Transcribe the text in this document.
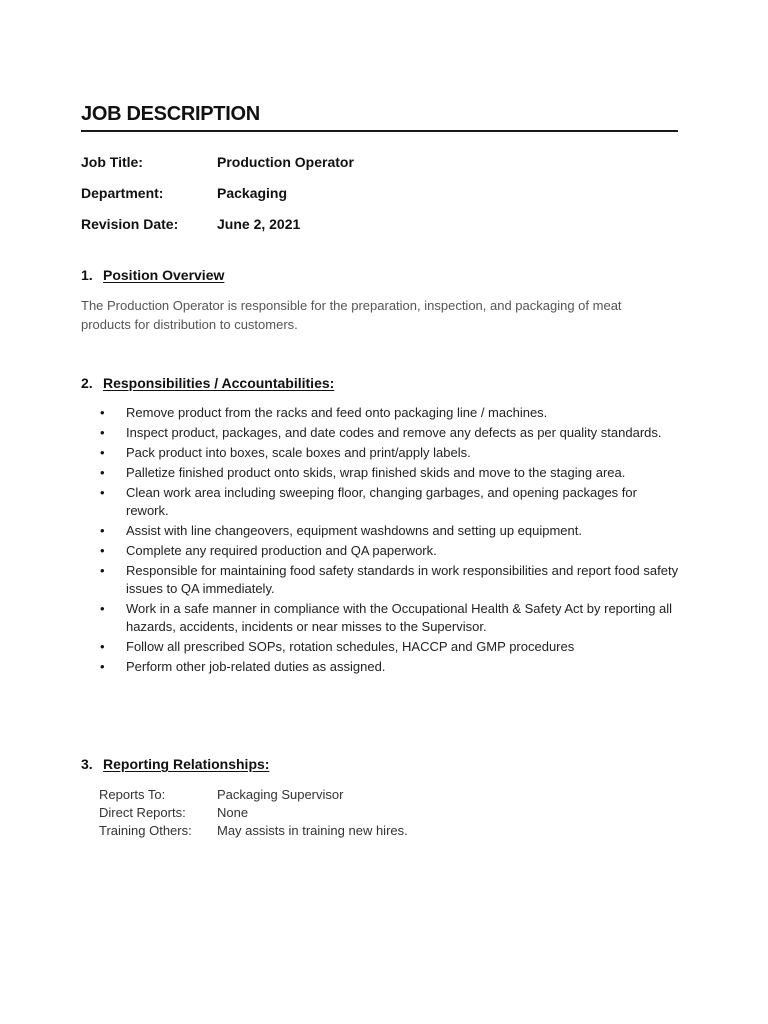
JOB DESCRIPTION
Job Title:	Production Operator
Department:	Packaging
Revision Date:	June 2, 2021
1. Position Overview
The Production Operator is responsible for the preparation, inspection, and packaging of meat products for distribution to customers.
2. Responsibilities / Accountabilities:
• Remove product from the racks and feed onto packaging line / machines.
• Inspect product, packages, and date codes and remove any defects as per quality standards.
• Pack product into boxes, scale boxes and print/apply labels.
• Palletize finished product onto skids, wrap finished skids and move to the staging area.
• Clean work area including sweeping floor, changing garbages, and opening packages for rework.
• Assist with line changeovers, equipment washdowns and setting up equipment.
• Complete any required production and QA paperwork.
• Responsible for maintaining food safety standards in work responsibilities and report food safety issues to QA immediately.
• Work in a safe manner in compliance with the Occupational Health & Safety Act by reporting all hazards, accidents, incidents or near misses to the Supervisor.
• Follow all prescribed SOPs, rotation schedules, HACCP and GMP procedures
• Perform other job-related duties as assigned.
3. Reporting Relationships:
Reports To:	Packaging Supervisor
Direct Reports: None
Training Others: May assists in training new hires.
